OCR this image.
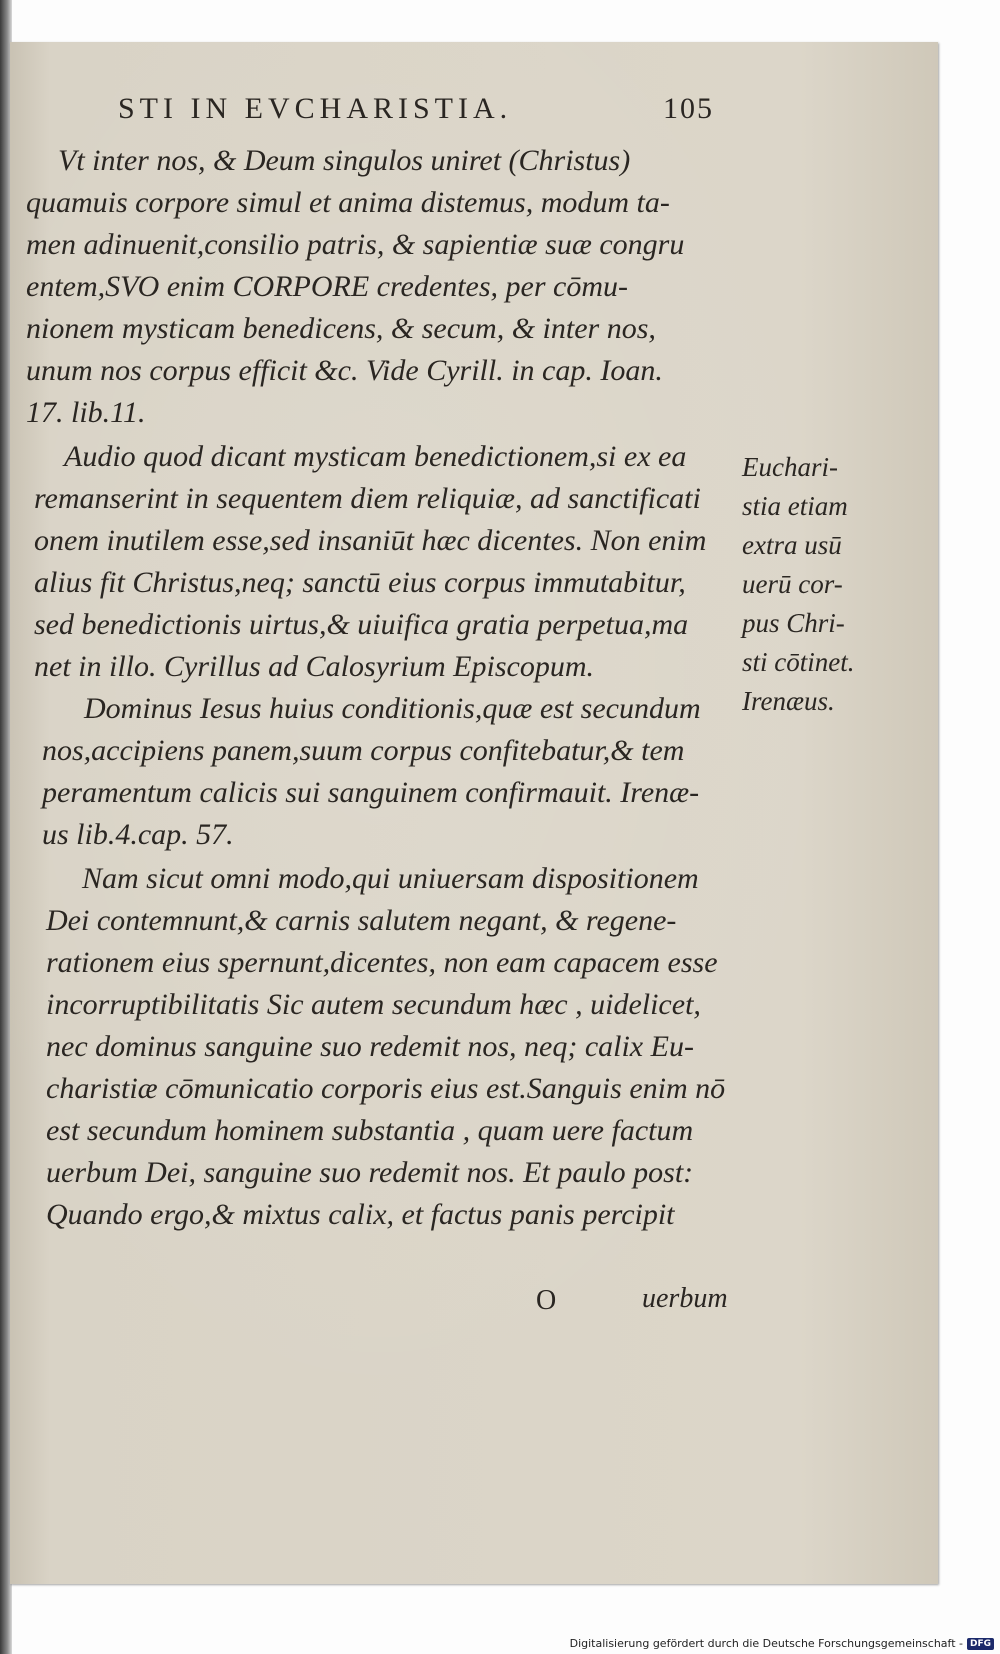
STI IN EVCHARISTIA.	105
Vt inter nos, & Deum singulos uniret (Christus)
quamuis corpore simul et anima distemus, modum ta-
men adinuenit,consilio patris, & sapientiæ suæ congru
entem,SVO enim CORPORE credentes, per cōmu-
nionem mysticam benedicens, & secum, & inter nos,
unum nos corpus efficit &c. Vide Cyrill. in cap. Ioan.
17. lib.11.
Audio quod dicant mysticam benedictionem,si ex ea
remanserint in sequentem diem reliquiæ, ad sanctificati
onem inutilem esse,sed insaniūt hæc dicentes. Non enim
alius fit Christus,neq; sanctū eius corpus immutabitur,
sed benedictionis uirtus,& uiuifica gratia perpetua,ma
net in illo. Cyrillus ad Calosyrium Episcopum.
Dominus Iesus huius conditionis,quæ est secundum
nos,accipiens panem,suum corpus confitebatur,& tem
peramentum calicis sui sanguinem confirmauit. Irenæ-
us lib.4.cap. 57.
Nam sicut omni modo,qui uniuersam dispositionem
Dei contemnunt,& carnis salutem negant, & regene-
rationem eius spernunt,dicentes, non eam capacem esse
incorruptibilitatis Sic autem secundum hæc , uidelicet,
nec dominus sanguine suo redemit nos, neq; calix Eu-
charistiæ cōmunicatio corporis eius est.Sanguis enim nō
est secundum hominem substantia , quam uere factum
uerbum Dei, sanguine suo redemit nos. Et paulo post:
Quando ergo,& mixtus calix, et factus panis percipit
Euchari-
stia etiam
extra usū
uerū cor-
pus Chri-
sti cōtinet.
Irenæus.
O	uerbum
Digitalisierung gefördert durch die Deutsche Forschungsgemeinschaft - DFG
